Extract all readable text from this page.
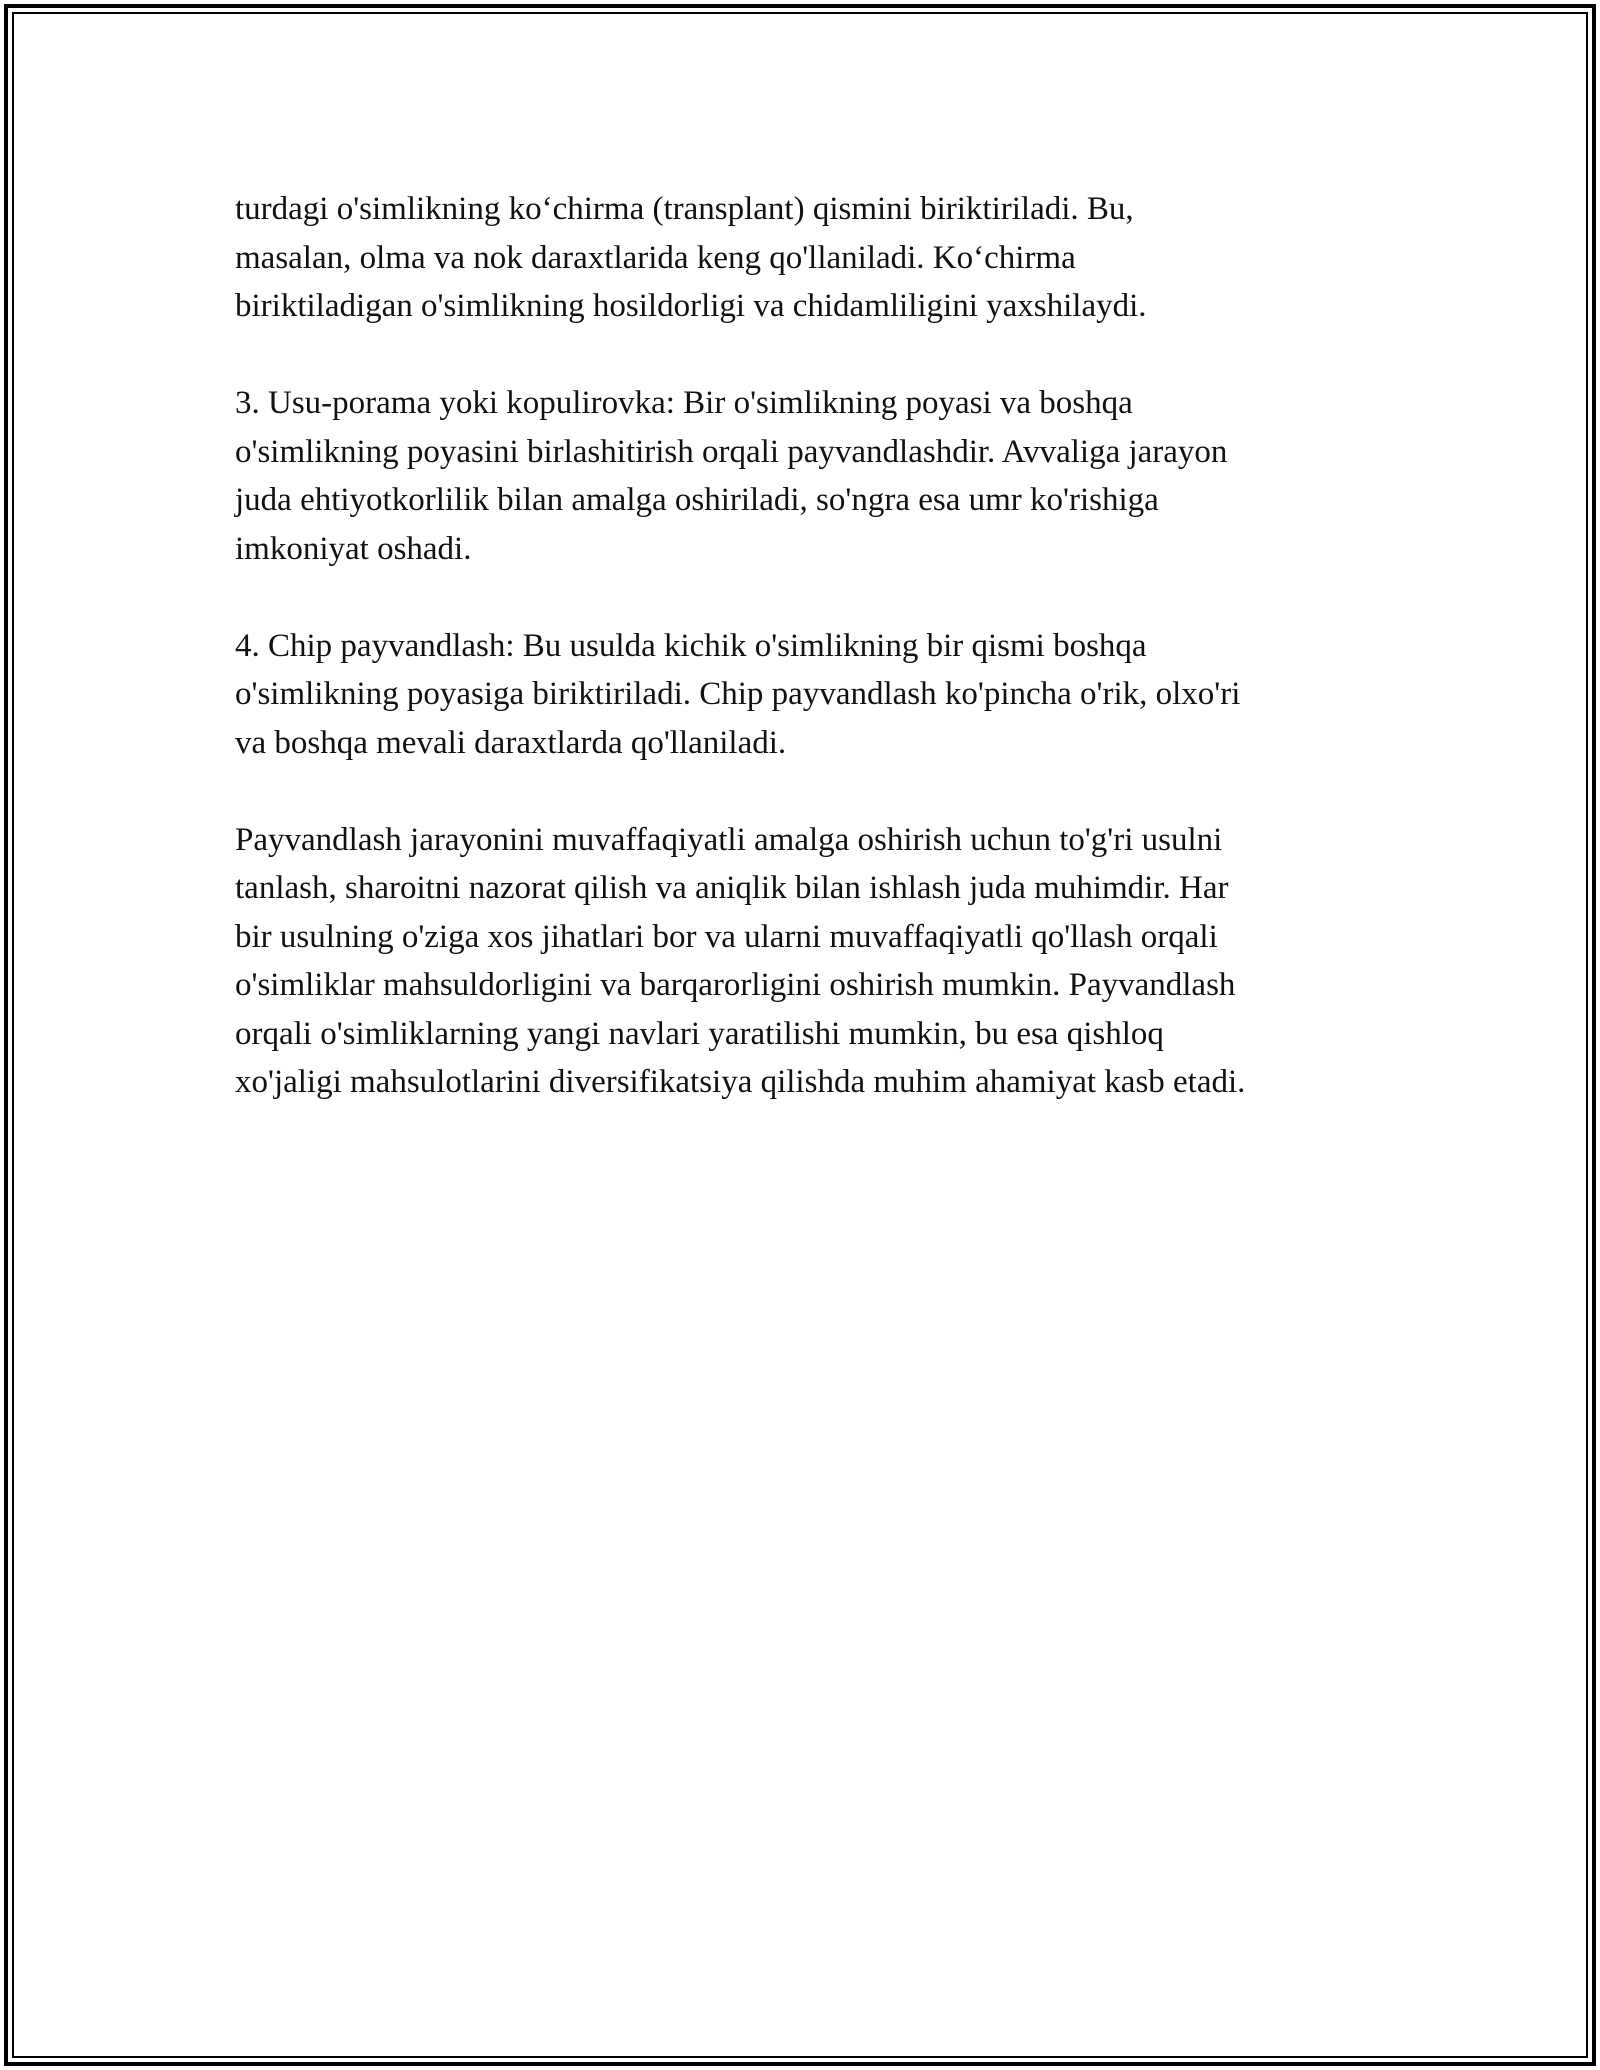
turdagi o'simlikning ko‘chirma (transplant) qismini biriktiriladi. Bu,
masalan, olma va nok daraxtlarida keng qo'llaniladi. Ko‘chirma
biriktiladigan o'simlikning hosildorligi va chidamliligini yaxshilaydi.

3. Usu-porama yoki kopulirovka: Bir o'simlikning poyasi va boshqa
o'simlikning poyasini birlashitirish orqali payvandlashdir. Avvaliga jarayon
juda ehtiyotkorlilik bilan amalga oshiriladi, so'ngra esa umr ko'rishiga
imkoniyat oshadi.

4. Chip payvandlash: Bu usulda kichik o'simlikning bir qismi boshqa
o'simlikning poyasiga biriktiriladi. Chip payvandlash ko'pincha o'rik, olxo'ri
va boshqa mevali daraxtlarda qo'llaniladi.

Payvandlash jarayonini muvaffaqiyatli amalga oshirish uchun to'g'ri usulni
tanlash, sharoitni nazorat qilish va aniqlik bilan ishlash juda muhimdir. Har
bir usulning o'ziga xos jihatlari bor va ularni muvaffaqiyatli qo'llash orqali
o'simliklar mahsuldorligini va barqarorligini oshirish mumkin. Payvandlash
orqali o'simliklarning yangi navlari yaratilishi mumkin, bu esa qishloq
xo'jaligi mahsulotlarini diversifikatsiya qilishda muhim ahamiyat kasb etadi.
